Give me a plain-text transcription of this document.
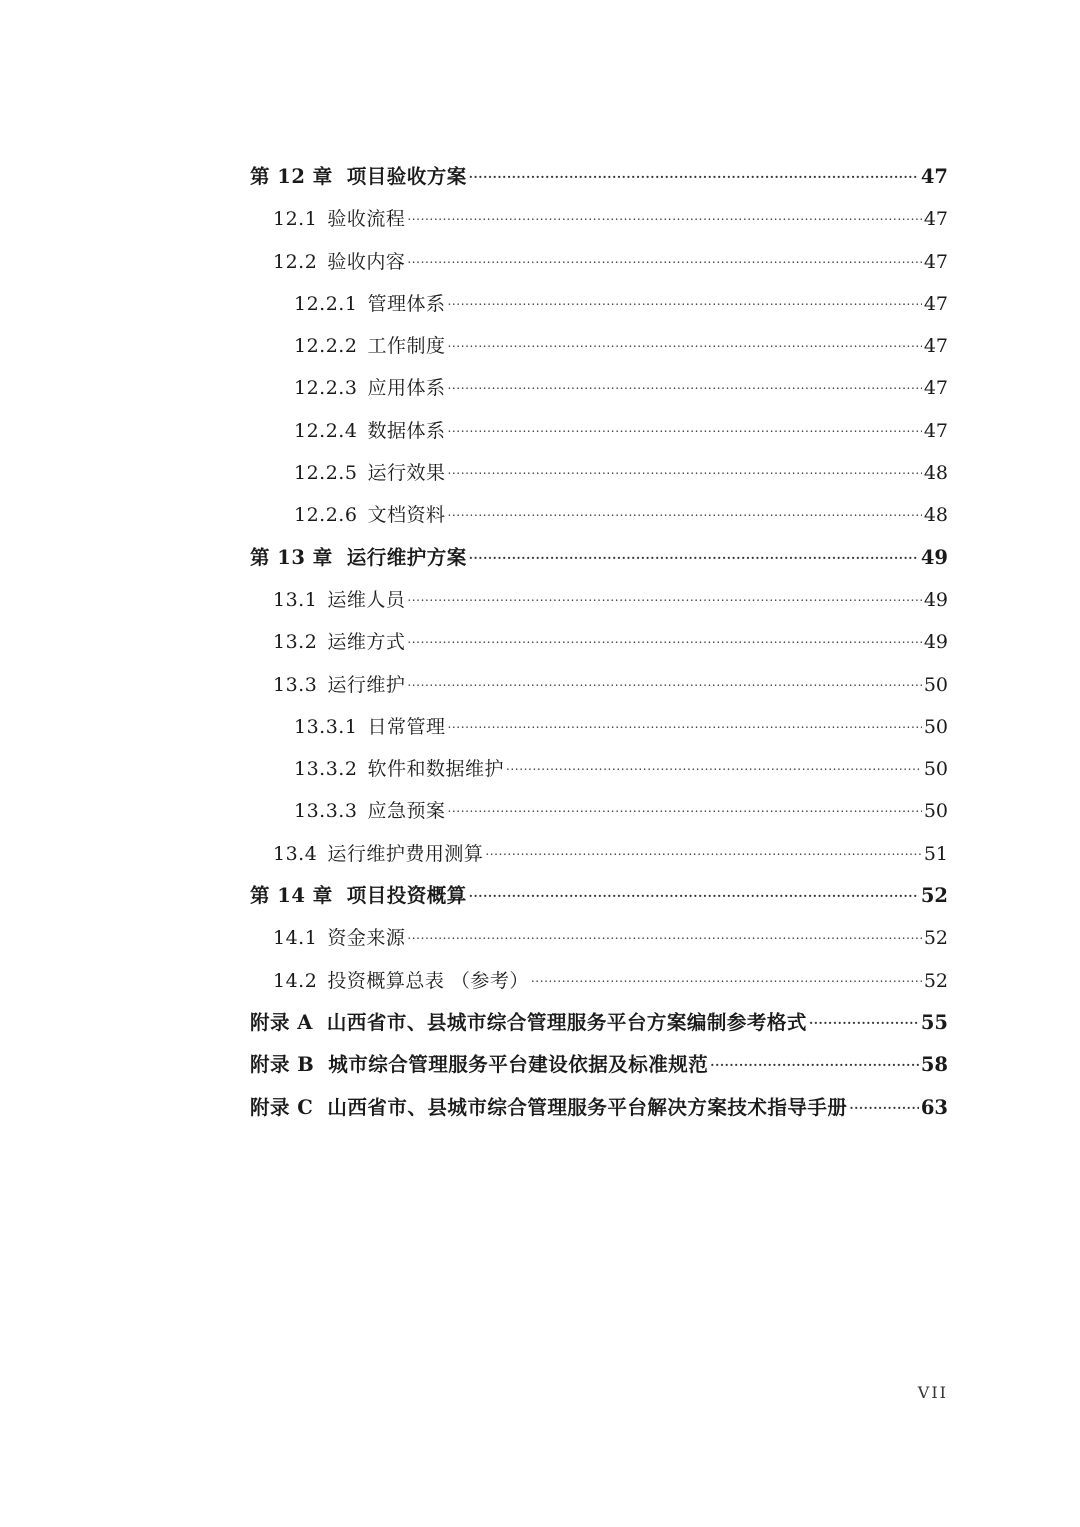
第 12 章 项目验收方案 .....	47
12.1 验收流程 .....	47
12.2 验收内容 .....	47
12.2.1 管理体系 .....	47
12.2.2 工作制度 .....	47
12.2.3 应用体系 .....	47
12.2.4 数据体系 .....	47
12.2.5 运行效果 .....	48
12.2.6 文档资料 .....	48
第 13 章 运行维护方案 .....	49
13.1 运维人员 .....	49
13.2 运维方式 .....	49
13.3 运行维护 .....	50
13.3.1 日常管理 .....	50
13.3.2 软件和数据维护 .....	50
13.3.3 应急预案 .....	50
13.4 运行维护费用测算 .....	51
第 14 章 项目投资概算 .....	52
14.1 资金来源 .....	52
14.2 投资概算总表 （参考） .....	52
附录 A 山西省市、县城市综合管理服务平台方案编制参考格式 .....	55
附录 B 城市综合管理服务平台建设依据及标准规范 .....	58
附录 C 山西省市、县城市综合管理服务平台解决方案技术指导手册 .....	63
VII
